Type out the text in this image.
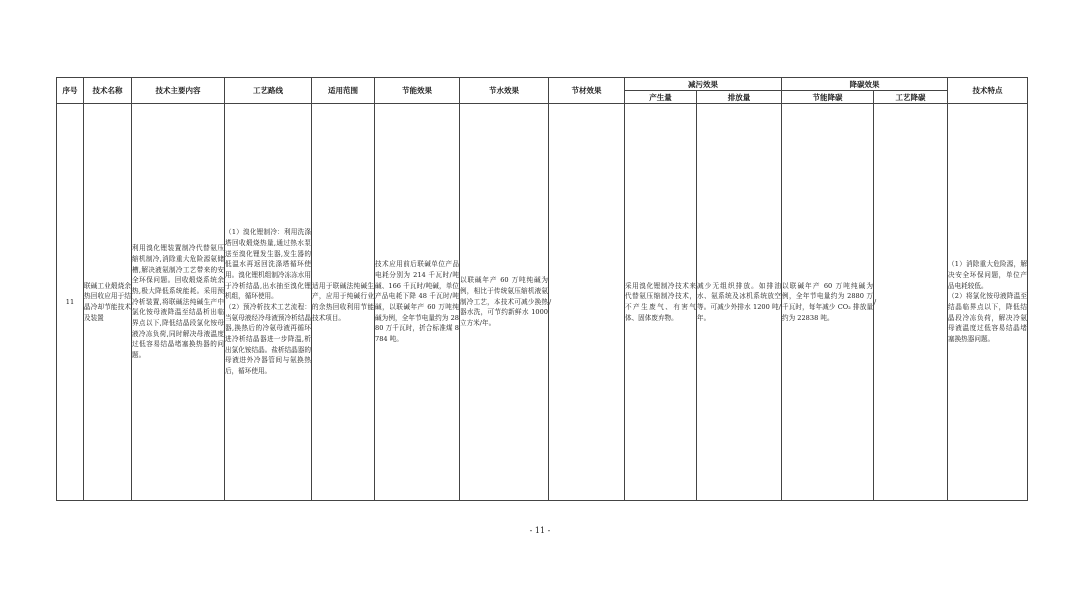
序号	技术名称	技术主要内容	工艺路线	适用范围	节能效果	节水效果	节材效果	减污效果		降碳效果		技术特点
								产生量	排放量	节能降碳	工艺降碳	
11	联碱工业煅烧余热回收应用于结晶冷却节能技术及装置	利用溴化锂装置制冷代替氨压缩机制冷,消除重大危险源氨储槽,解决液氨制冷工艺带来的安全环保问题。回收煅烧系统余热,极大降低系统能耗。采用预冷析装置,将联碱法纯碱生产中氯化铵母液降温至结晶析出临界点以下,降低结晶段氯化铵母液冷冻负荷,同时解决母液温度过低容易结晶堵塞换热器的问题。	（1）溴化锂制冷：利用洗涤塔回收煅烧热量,通过热水泵送至溴化锂发生器,发生器的低温水再返回洗涤塔循环使用。溴化锂机组制冷冻冻水用于冷析结晶,出水抽至溴化锂机组，循环使用。
（2）预冷析技术工艺流程：当氨母液经冷母液预冷析结晶器,换热后的冷氨母液再循环进冷析结晶器进一步降温,析出氯化铵结晶。盐析结晶器的母液进外冷器管间与氨换热后，循环使用。	适用于联碱法纯碱生产，应用于纯碱行业的余热回收利用节能技术项目。	技术应用前后联碱单位产品电耗分别为 214 千瓦时/吨碱、166 千瓦时/吨碱，单位产品电耗下降 48 千瓦时/吨碱，以联碱年产 60 万吨纯碱为例，全年节电量约为 2880 万千瓦时，折合标准煤 8784 吨。	以联碱年产 60 万吨纯碱为例，相比于传统氨压缩机液氨制冷工艺，本技术可减少换热器水洗，可节约新鲜水 1000 立方米/年。	/	采用溴化锂制冷技术来代替氨压缩制冷技术，不产生废气、有害气体、固体废弃物。	减少无组织排放。如排油水、氨系统及冰机系统放空等。可减少外排水 1200 吨/年。	以联碱年产 60 万吨纯碱为例，全年节电量约为 2880 万千瓦时，每年减少 CO₂ 排放量约为 22838 吨。	/	（1）消除重大危险源，解决安全环保问题，单位产品电耗较低。
（2）将氯化铵母液降温至结晶临界点以下，降低结晶段冷冻负荷，解决冷氨母液温度过低容易结晶堵塞换热器问题。
- 11 -
